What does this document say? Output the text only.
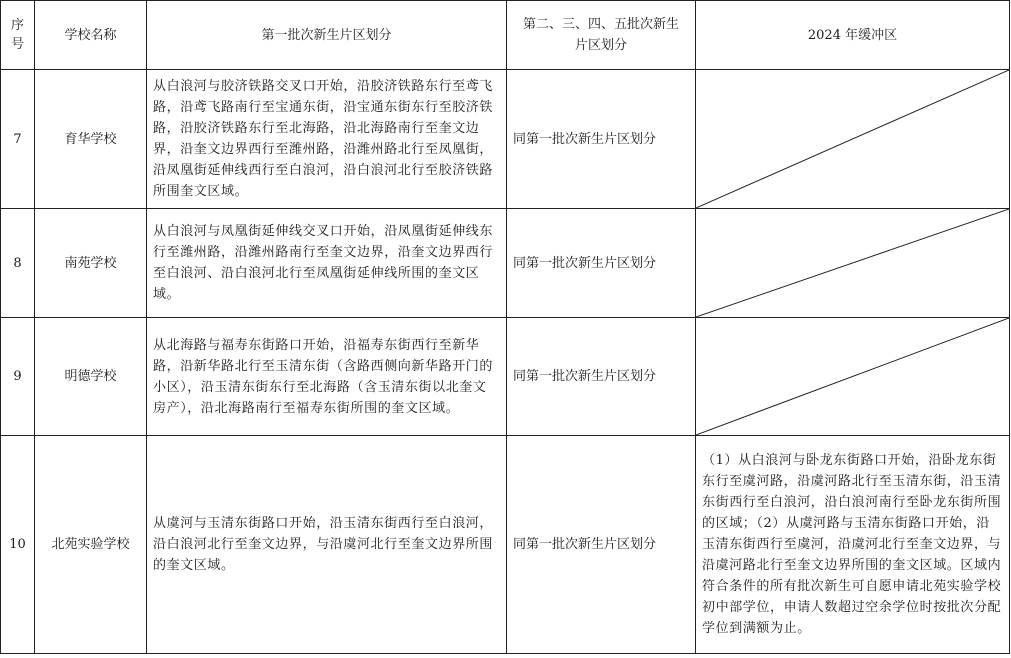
序号	学校名称	第一批次新生片区划分	第二、三、四、五批次新生片区划分	2024 年缓冲区
7	育华学校	从白浪河与胶济铁路交叉口开始，沿胶济铁路东行至鸢飞路，沿鸢飞路南行至宝通东街，沿宝通东街东行至胶济铁路，沿胶济铁路东行至北海路，沿北海路南行至奎文边界，沿奎文边界西行至潍州路，沿潍州路北行至凤凰街，沿凤凰街延伸线西行至白浪河，沿白浪河北行至胶济铁路所围奎文区域。	同第一批次新生片区划分	

8	南苑学校	从白浪河与凤凰街延伸线交叉口开始，沿凤凰街延伸线东行至潍州路，沿潍州路南行至奎文边界，沿奎文边界西行至白浪河、沿白浪河北行至凤凰街延伸线所围的奎文区域。	同第一批次新生片区划分	

9	明德学校	从北海路与福寿东街路口开始，沿福寿东街西行至新华路，沿新华路北行至玉清东街（含路西侧向新华路开门的小区），沿玉清东街东行至北海路（含玉清东街以北奎文房产），沿北海路南行至福寿东街所围的奎文区域。	同第一批次新生片区划分	

10	北苑实验学校	从虞河与玉清东街路口开始，沿玉清东街西行至白浪河，沿白浪河北行至奎文边界，与沿虞河北行至奎文边界所围的奎文区域。	同第一批次新生片区划分	（1）从白浪河与卧龙东街路口开始，沿卧龙东街东行至虞河路，沿虞河路北行至玉清东街，沿玉清东街西行至白浪河，沿白浪河南行至卧龙东街所围的区域；（2）从虞河路与玉清东街路口开始，沿玉清东街西行至虞河，沿虞河北行至奎文边界，与沿虞河路北行至奎文边界所围的奎文区域。区域内符合条件的所有批次新生可自愿申请北苑实验学校初中部学位，申请人数超过空余学位时按批次分配学位到满额为止。
